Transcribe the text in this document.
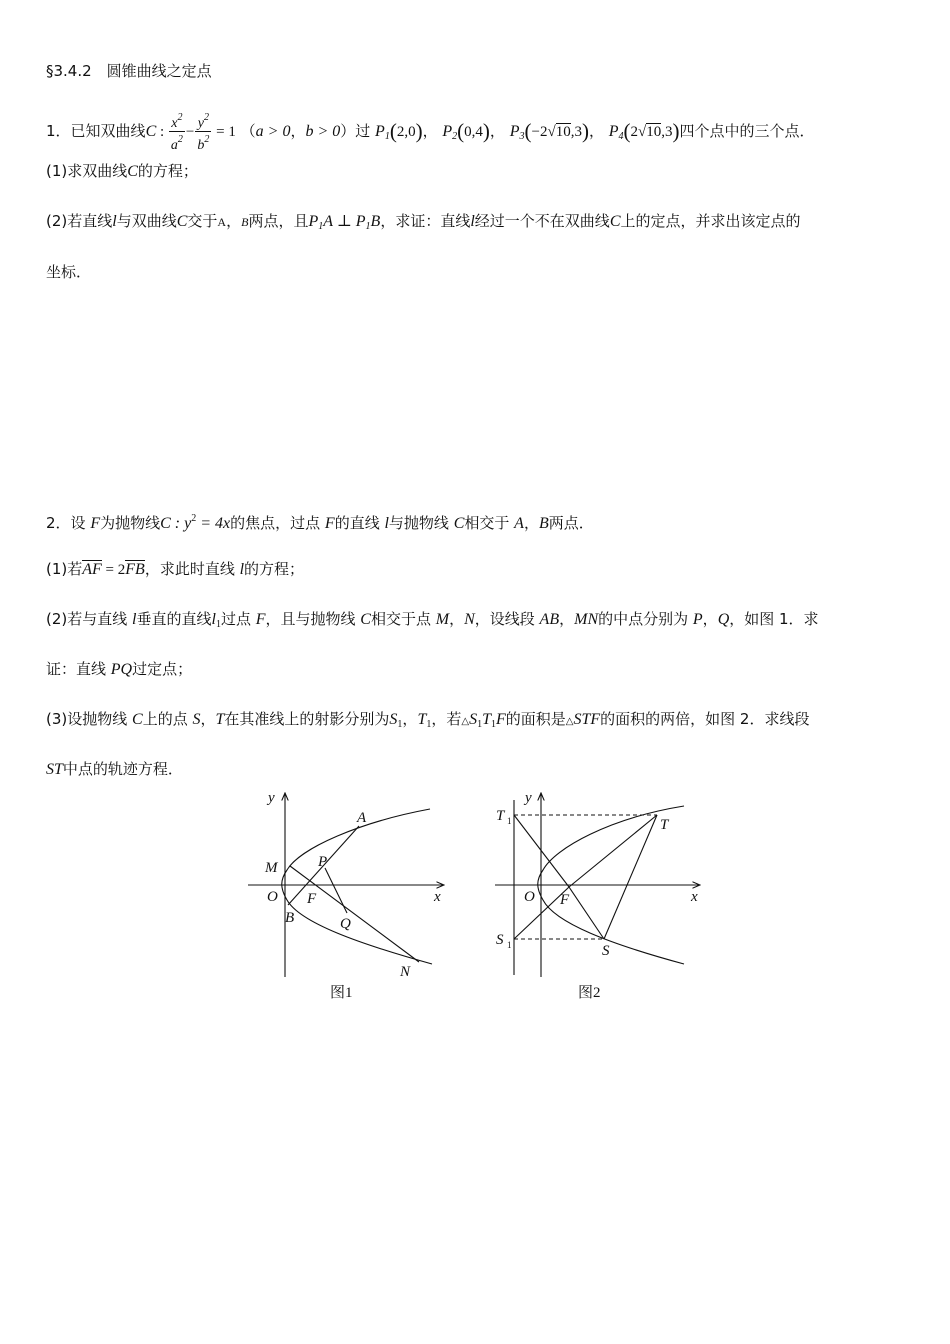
§3.4.2　圆锥曲线之定点
1．已知双曲线C : $\frac{x^2}{a^2} - \frac{y^2}{b^2} = 1$ （a > 0，b > 0）过 $P_1(2,0)$， $P_2(0,4)$， $P_3(-2√10,3)$， $P_4(2√10,3)$四个点中的三个点．
(1)求双曲线C的方程；
(2)若直线l与双曲线C交于A，B两点，且$P_1A$ ⊥ $P_1B$，求证：直线l经过一个不在双曲线C上的定点，并求出该定点的
坐标．
2．设 F为抛物线C : $y^2 = 4x$的焦点，过点 F的直线 l与抛物线 C相交于 A，B两点．
(1)若AF = 2FB，求此时直线 l的方程；
(2)若与直线 l垂直的直线$l_1$过点 F，且与抛物线 C相交于点 M，N，设线段 AB，MN的中点分别为 P，Q，如图 1．求
证：直线 PQ过定点；
(3)设抛物线 C上的点 S，T在其准线上的射影分别为$S_1$，$T_1$，若$\triangle S_1T_1F$的面积是△STF的面积的两倍，如图 2．求线段
ST中点的轨迹方程．
y
x
O
M
A
P
F
B	Q
N
图1
y
x
O
T 1
S 1
T
F
S
图2
